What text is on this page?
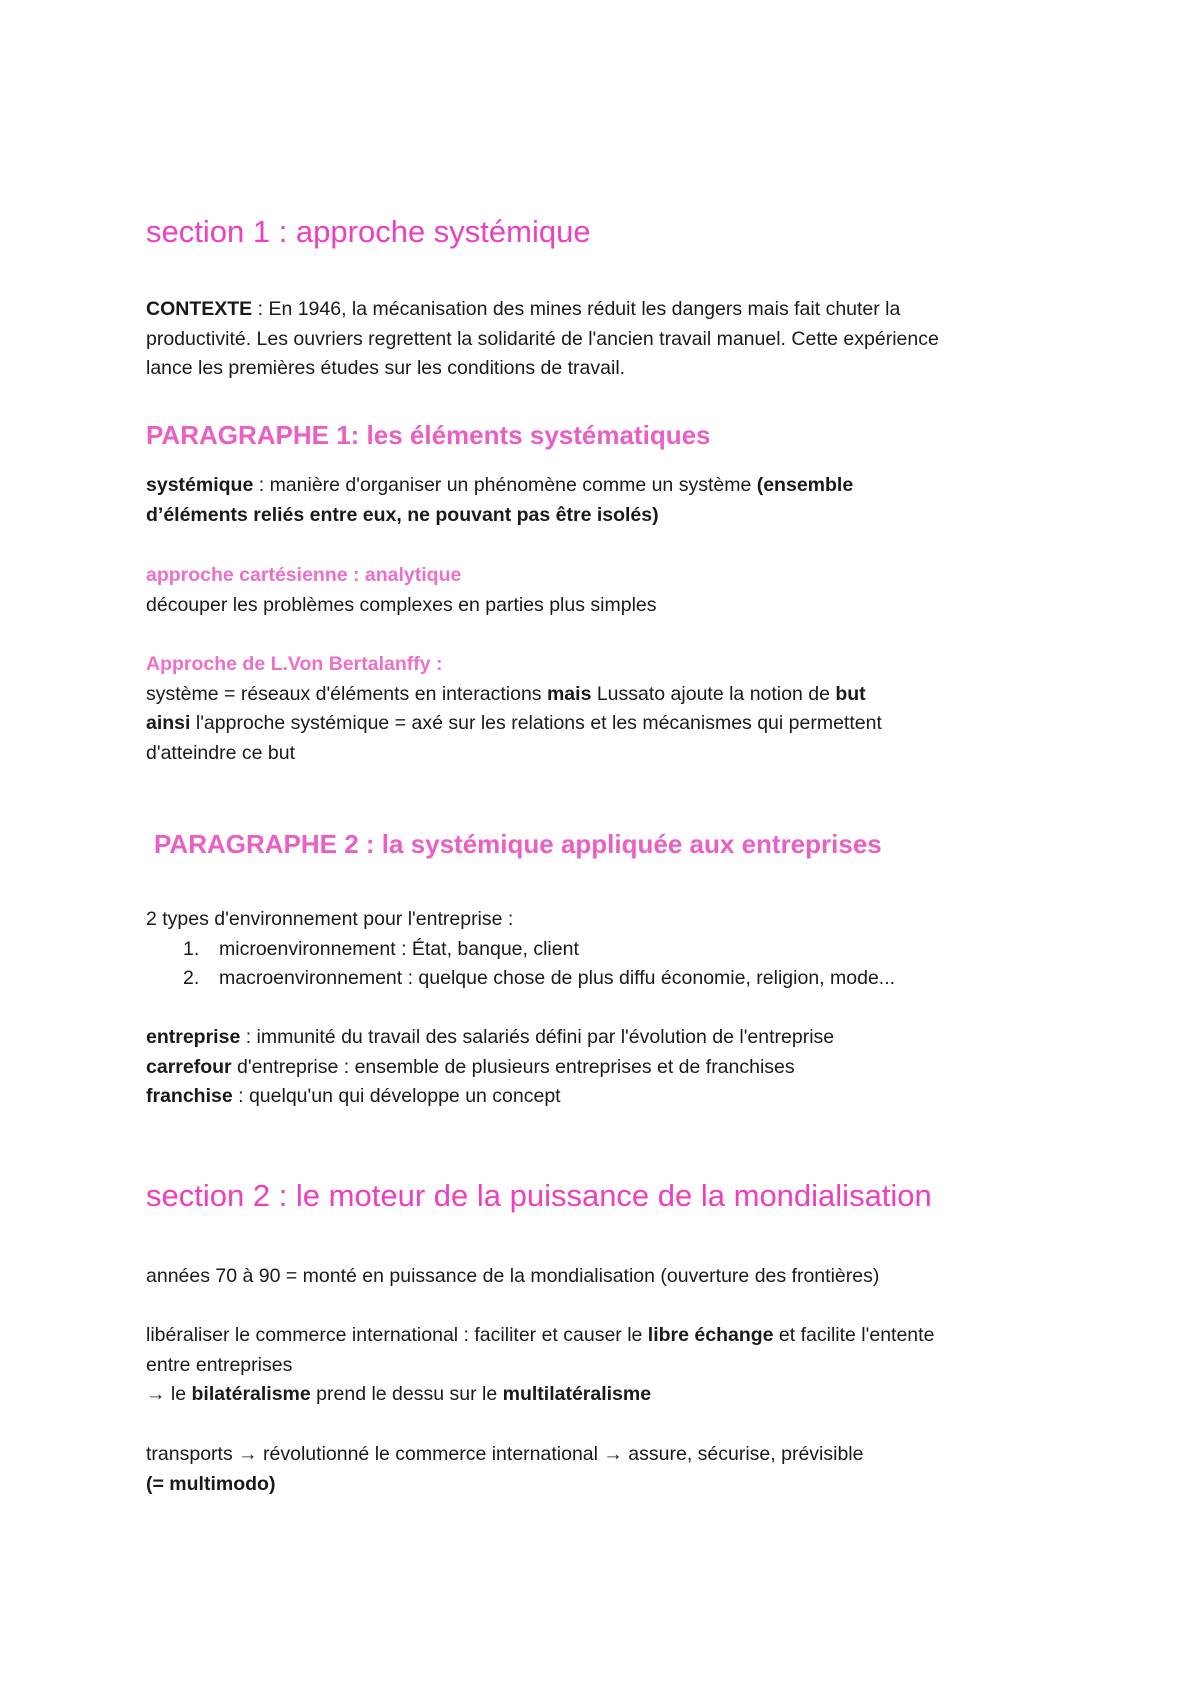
section 1 : approche systémique

CONTEXTE : En 1946, la mécanisation des mines réduit les dangers mais fait chuter la

productivité. Les ouvriers regrettent la solidarité de l'ancien travail manuel. Cette expérience

lance les premières études sur les conditions de travail.

PARAGRAPHE 1: les éléments systématiques

systémique : manière d'organiser un phénomène comme un système (ensemble

d’éléments reliés entre eux, ne pouvant pas être isolés)

approche cartésienne : analytique

découper les problèmes complexes en parties plus simples

Approche de L.Von Bertalanffy :

système = réseaux d'éléments en interactions mais Lussato ajoute la notion de but

ainsi l'approche systémique = axé sur les relations et les mécanismes qui permettent

d'atteindre ce but

PARAGRAPHE 2 : la systémique appliquée aux entreprises

2 types d'environnement pour l'entreprise :

1. microenvironnement : État, banque, client
2. macroenvironnement : quelque chose de plus diffu économie, religion, mode...

entreprise : immunité du travail des salariés défini par l'évolution de l'entreprise

carrefour d'entreprise : ensemble de plusieurs entreprises et de franchises

franchise : quelqu'un qui développe un concept

section 2 : le moteur de la puissance de la mondialisation

années 70 à 90 = monté en puissance de la mondialisation (ouverture des frontières)

libéraliser le commerce international : faciliter et causer le libre échange et facilite l'entente

entre entreprises

→ le bilatéralisme prend le dessu sur le multilatéralisme

transports → révolutionné le commerce international → assure, sécurise, prévisible

(= multimodo)
